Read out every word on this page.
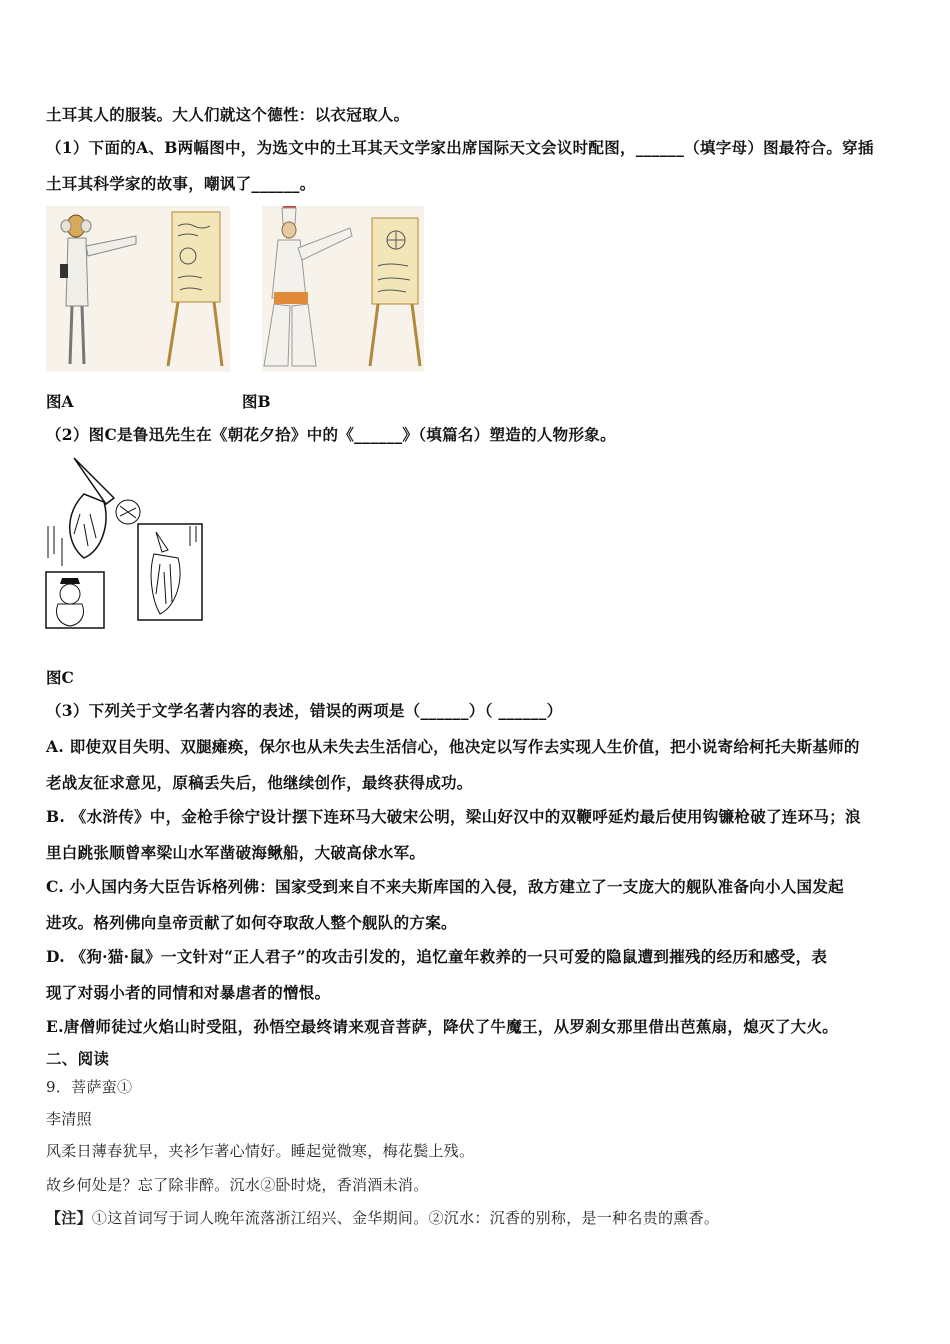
土耳其人的服装。大人们就这个德性：以衣冠取人。
（1）下面的A、B两幅图中，为选文中的土耳其天文学家出席国际天文会议时配图，______（填字母）图最符合。穿插
土耳其科学家的故事，嘲讽了______。
图A	图B
（2）图C是鲁迅先生在《朝花夕拾》中的《______》（填篇名）塑造的人物形象。
图C
（3）下列关于文学名著内容的表述，错误的两项是（______）（ ______）
A. 即使双目失明、双腿瘫痪，保尔也从未失去生活信心，他决定以写作去实现人生价值，把小说寄给柯托夫斯基师的
老战友征求意见，原稿丢失后，他继续创作，最终获得成功。
B. 《水浒传》中，金枪手徐宁设计摆下连环马大破宋公明，梁山好汉中的双鞭呼延灼最后使用钩镰枪破了连环马；浪
里白跳张顺曾率梁山水军凿破海鳅船，大破高俅水军。
C. 小人国内务大臣告诉格列佛：国家受到来自不来夫斯库国的入侵，敌方建立了一支庞大的舰队准备向小人国发起
进攻。格列佛向皇帝贡献了如何夺取敌人整个舰队的方案。
D. 《狗·猫·鼠》一文针对“正人君子”的攻击引发的，追忆童年救养的一只可爱的隐鼠遭到摧残的经历和感受，表
现了对弱小者的同情和对暴虐者的憎恨。
E.唐僧师徒过火焰山时受阻，孙悟空最终请来观音菩萨，降伏了牛魔王，从罗刹女那里借出芭蕉扇，熄灭了大火。
二、阅读
9．菩萨蛮①
李清照
风柔日薄春犹早，夹衫乍著心情好。睡起觉微寒，梅花鬓上残。
故乡何处是？忘了除非醉。沉水②卧时烧，香消酒未消。
【注】①这首词写于词人晚年流落浙江绍兴、金华期间。②沉水：沉香的别称，是一种名贵的熏香。
